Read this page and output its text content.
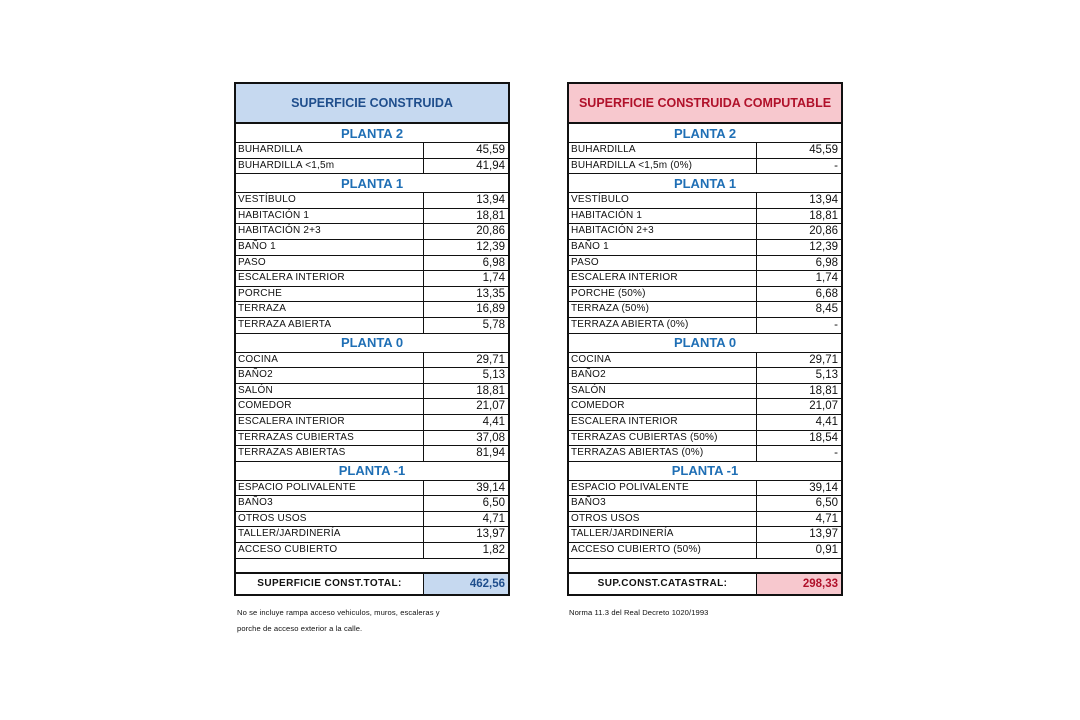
SUPERFICIE CONSTRUIDA
PLANTA 2
BUHARDILLA	45,59
BUHARDILLA <1,5m	41,94
PLANTA 1
VESTÍBULO	13,94
HABITACIÓN 1	18,81
HABITACIÓN 2+3	20,86
BAÑO 1	12,39
PASO	6,98
ESCALERA INTERIOR	1,74
PORCHE	13,35
TERRAZA	16,89
TERRAZA ABIERTA	5,78
PLANTA 0
COCINA	29,71
BAÑO2	5,13
SALÓN	18,81
COMEDOR	21,07
ESCALERA INTERIOR	4,41
TERRAZAS CUBIERTAS	37,08
TERRAZAS ABIERTAS	81,94
PLANTA -1
ESPACIO POLIVALENTE	39,14
BAÑO3	6,50
OTROS USOS	4,71
TALLER/JARDINERÍA	13,97
ACCESO CUBIERTO	1,82
SUPERFICIE CONST.TOTAL:	462,56
SUPERFICIE CONSTRUIDA COMPUTABLE
PLANTA 2
BUHARDILLA	45,59
BUHARDILLA <1,5m (0%)	-
PLANTA 1
VESTÍBULO	13,94
HABITACIÓN 1	18,81
HABITACIÓN 2+3	20,86
BAÑO 1	12,39
PASO	6,98
ESCALERA INTERIOR	1,74
PORCHE (50%)	6,68
TERRAZA (50%)	8,45
TERRAZA ABIERTA (0%)	-
PLANTA 0
COCINA	29,71
BAÑO2	5,13
SALÓN	18,81
COMEDOR	21,07
ESCALERA INTERIOR	4,41
TERRAZAS CUBIERTAS (50%)	18,54
TERRAZAS ABIERTAS (0%)	-
PLANTA -1
ESPACIO POLIVALENTE	39,14
BAÑO3	6,50
OTROS USOS	4,71
TALLER/JARDINERÍA	13,97
ACCESO CUBIERTO (50%)	0,91
SUP.CONST.CATASTRAL:	298,33
No se incluye rampa acceso vehiculos, muros, escaleras y
porche de acceso exterior a la calle.
Norma 11.3 del Real Decreto 1020/1993
